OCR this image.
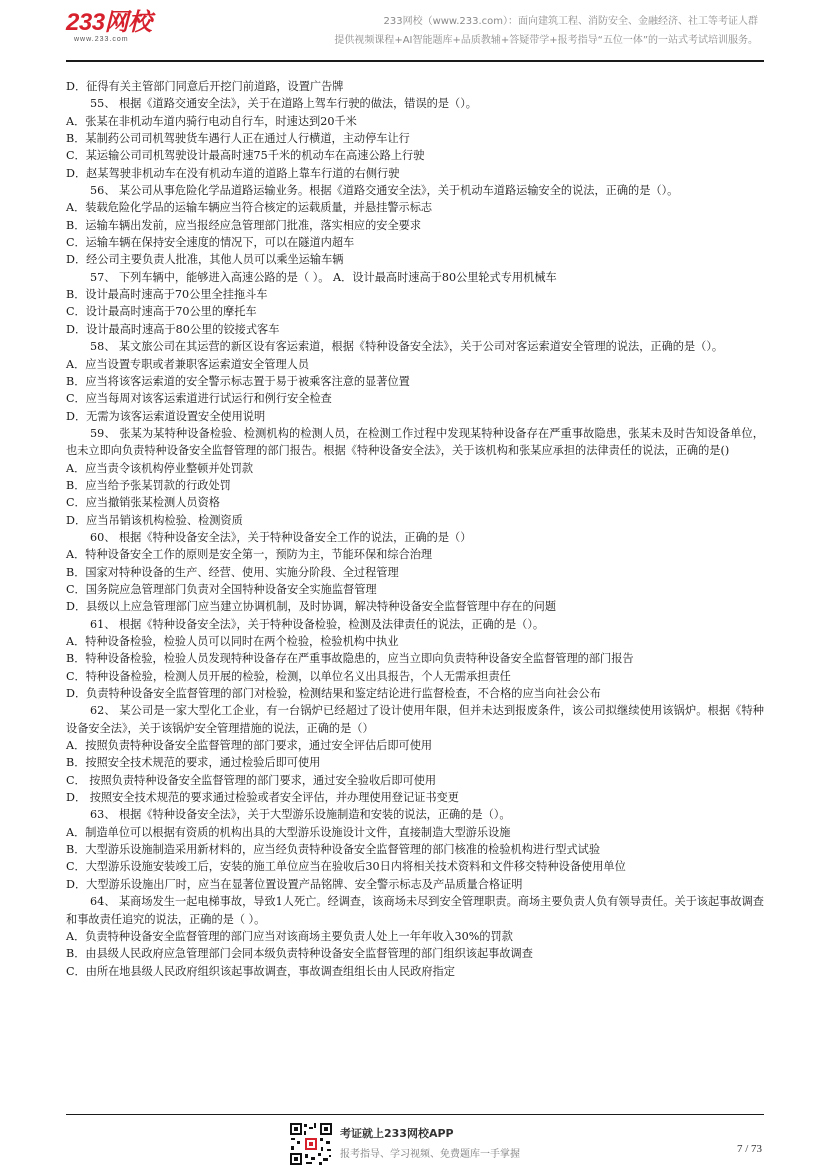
233网校
www.233.com
233网校（www.233.com）：面向建筑工程、消防安全、金融经济、社工等考证人群
提供视频课程+AI智能题库+品质教辅+答疑带学+报考指导“五位一体”的一站式考试培训服务。

D．征得有关主管部门同意后开挖门前道路，设置广告牌

55、 根据《道路交通安全法》，关于在道路上驾车行驶的做法，错误的是（）。

A．张某在非机动车道内骑行电动自行车，时速达到20千米

B．某制药公司司机驾驶货车遇行人正在通过人行横道，主动停车让行

C．某运输公司司机驾驶设计最高时速75千米的机动车在高速公路上行驶

D．赵某驾驶非机动车在没有机动车道的道路上靠车行道的右侧行驶

56、 某公司从事危险化学品道路运输业务。根据《道路交通安全法》，关于机动车道路运输安全的说法，正确的是（）。

A．装载危险化学品的运输车辆应当符合核定的运载质量，并悬挂警示标志

B．运输车辆出发前，应当报经应急管理部门批准，落实相应的安全要求

C．运输车辆在保持安全速度的情况下，可以在隧道内超车

D．经公司主要负责人批准，其他人员可以乘坐运输车辆

57、 下列车辆中，能够进入高速公路的是（ ）。 A．设计最高时速高于80公里轮式专用机械车

B．设计最高时速高于70公里全挂拖斗车

C．设计最高时速高于70公里的摩托车

D．设计最高时速高于80公里的铰接式客车

58、 某文旅公司在其运营的新区设有客运索道，根据《特种设备安全法》，关于公司对客运索道安全管理的说法，正确的是（）。

A．应当设置专职或者兼职客运索道安全管理人员

B．应当将该客运索道的安全警示标志置于易于被乘客注意的显著位置

C．应当每周对该客运索道进行试运行和例行安全检查

D．无需为该客运索道设置安全使用说明

59、 张某为某特种设备检验、检测机构的检测人员，在检测工作过程中发现某特种设备存在严重事故隐患，张某未及时告知设备单位，也未立即向负责特种设备安全监督管理的部门报告。根据《特种设备安全法》，关于该机构和张某应承担的法律责任的说法，正确的是()

A．应当责令该机构停业整顿并处罚款

B．应当给予张某罚款的行政处罚

C．应当撤销张某检测人员资格

D．应当吊销该机构检验、检测资质

60、 根据《特种设备安全法》，关于特种设备安全工作的说法，正确的是（）

A．特种设备安全工作的原则是安全第一，预防为主，节能环保和综合治理

B．国家对特种设备的生产、经营、使用、实施分阶段、全过程管理

C．国务院应急管理部门负责对全国特种设备安全实施监督管理

D．县级以上应急管理部门应当建立协调机制，及时协调，解决特种设备安全监督管理中存在的问题

61、 根据《特种设备安全法》，关于特种设备检验，检测及法律责任的说法，正确的是（）。

A．特种设备检验，检验人员可以同时在两个检验，检验机构中执业

B．特种设备检验，检验人员发现特种设备存在严重事故隐患的，应当立即向负责特种设备安全监督管理的部门报告

C．特种设备检验，检测人员开展的检验，检测，以单位名义出具报告，个人无需承担责任

D．负责特种设备安全监督管理的部门对检验，检测结果和鉴定结论进行监督检查，不合格的应当向社会公布

62、 某公司是一家大型化工企业，有一台锅炉已经超过了设计使用年限，但并未达到报废条件，该公司拟继续使用该锅炉。根据《特种设备安全法》，关于该锅炉安全管理措施的说法，正确的是（）

A．按照负责特种设备安全监督管理的部门要求，通过安全评估后即可使用

B．按照安全技术规范的要求，通过检验后即可使用

C． 按照负责特种设备安全监督管理的部门要求，通过安全验收后即可使用

D． 按照安全技术规范的要求通过检验或者安全评估，并办理使用登记证书变更

63、 根据《特种设备安全法》，关于大型游乐设施制造和安装的说法，正确的是（）。

A．制造单位可以根据有资质的机构出具的大型游乐设施设计文件，直接制造大型游乐设施

B．大型游乐设施制造采用新材料的，应当经负责特种设备安全监督管理的部门核准的检验机构进行型式试验

C．大型游乐设施安装竣工后，安装的施工单位应当在验收后30日内将相关技术资料和文件移交特种设备使用单位

D．大型游乐设施出厂时，应当在显著位置设置产品铭牌、安全警示标志及产品质量合格证明

64、 某商场发生一起电梯事故，导致1人死亡。经调查，该商场未尽到安全管理职责。商场主要负责人负有领导责任。关于该起事故调查和事故责任追究的说法，正确的是（ ）。

A．负责特种设备安全监督管理的部门应当对该商场主要负责人处上一年年收入30%的罚款

B．由县级人民政府应急管理部门会同本级负责特种设备安全监督管理的部门组织该起事故调查

C．由所在地县级人民政府组织该起事故调查，事故调查组组长由人民政府指定

考证就上233网校APP
报考指导、学习视频、免费题库一手掌握	7 / 73
